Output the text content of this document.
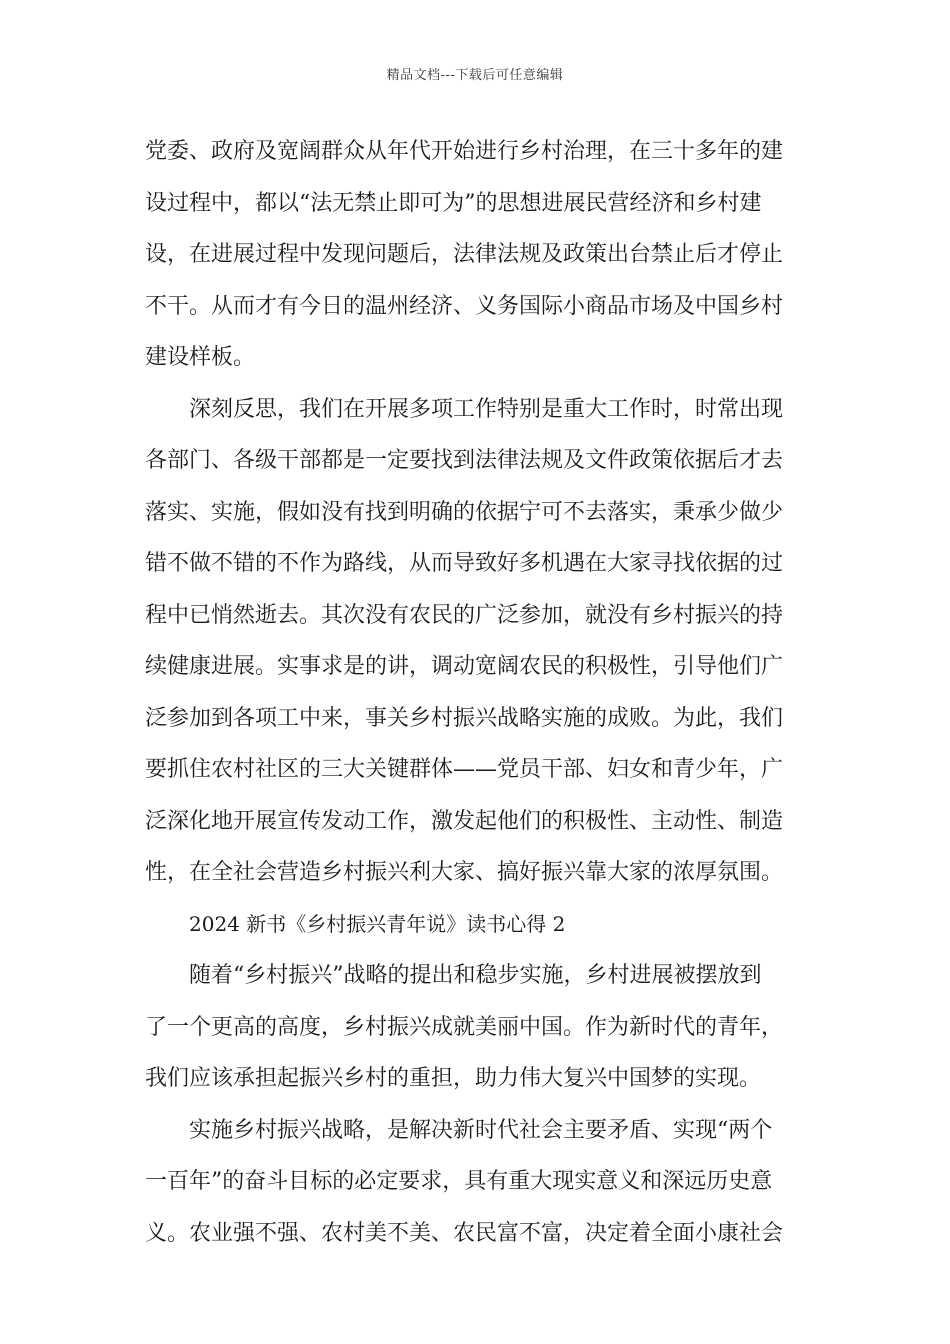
精品文档---下载后可任意编辑
党委、政府及宽阔群众从年代开始进行乡村治理，在三十多年的建
设过程中，都以“法无禁止即可为”的思想进展民营经济和乡村建
设，在进展过程中发现问题后，法律法规及政策出台禁止后才停止
不干。从而才有今日的温州经济、义务国际小商品市场及中国乡村
建设样板。
深刻反思，我们在开展多项工作特别是重大工作时，时常出现
各部门、各级干部都是一定要找到法律法规及文件政策依据后才去
落实、实施，假如没有找到明确的依据宁可不去落实，秉承少做少
错不做不错的不作为路线，从而导致好多机遇在大家寻找依据的过
程中已悄然逝去。其次没有农民的广泛参加，就没有乡村振兴的持
续健康进展。实事求是的讲，调动宽阔农民的积极性，引导他们广
泛参加到各项工中来，事关乡村振兴战略实施的成败。为此，我们
要抓住农村社区的三大关键群体——党员干部、妇女和青少年，广
泛深化地开展宣传发动工作，激发起他们的积极性、主动性、制造
性，在全社会营造乡村振兴利大家、搞好振兴靠大家的浓厚氛围。
2024 新书《乡村振兴青年说》读书心得 2
随着“乡村振兴”战略的提出和稳步实施，乡村进展被摆放到
了一个更高的高度，乡村振兴成就美丽中国。作为新时代的青年，
我们应该承担起振兴乡村的重担，助力伟大复兴中国梦的实现。
实施乡村振兴战略，是解决新时代社会主要矛盾、实现“两个
一百年”的奋斗目标的必定要求，具有重大现实意义和深远历史意
义。农业强不强、农村美不美、农民富不富，决定着全面小康社会
